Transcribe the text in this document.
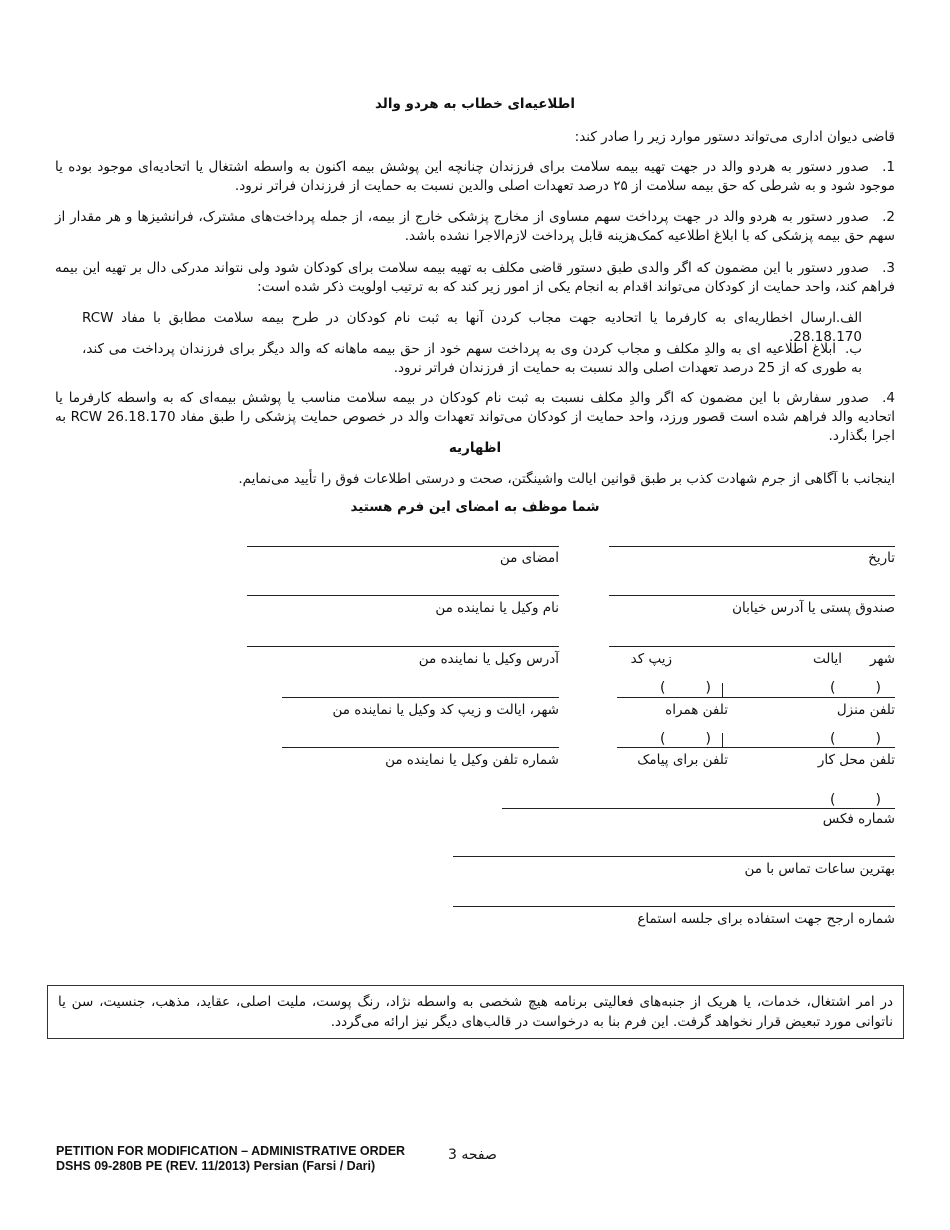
اطلاعیه‌ای خطاب به هردو والد
قاضی دیوان اداری می‌تواند دستور موارد زیر را صادر کند:
1.صدور دستور به هردو والد در جهت تهیه بیمه سلامت برای فرزندان چنانچه این پوشش بیمه اکنون به واسطه اشتغال یا اتحادیه‌ای موجود بوده یا موجود شود و به شرطی که حق بیمه سلامت از ۲۵ درصد تعهدات اصلی والدین نسبت به حمایت از فرزندان فراتر نرود.
2.صدور دستور به هردو والد در جهت پرداخت سهم مساوی از مخارج پزشکی خارج از بیمه، از جمله پرداخت‌های مشترک، فرانشیزها و هر مقدار از سهم حق بیمه پزشکی که با ابلاغ اطلاعیه کمک‌هزینه قابل پرداخت لازم‌الاجرا نشده باشد.
3.صدور دستور با این مضمون که اگر والدی طبق دستور قاضی مکلف به تهیه بیمه سلامت برای کودکان شود ولی نتواند مدرکی دال بر تهیه این بیمه فراهم کند، واحد حمایت از کودکان می‌تواند اقدام به انجام یکی از امور زیر کند که به ترتیب اولویت ذکر شده است:
الف.ارسال اخطاریه‌ای به کارفرما یا اتحادیه جهت مجاب کردن آنها به ثبت نام کودکان در طرح بیمه سلامت مطابق با مفاد RCW 28.18.170.
ب.ابلاغ اطلاعیه ای به والدِ مکلف و مجاب کردن وی به پرداخت سهم خود از حق بیمه ماهانه که والد دیگر برای فرزندان پرداخت می کند، به طوری که از 25 درصد تعهدات اصلی والد نسبت به حمایت از فرزندان فراتر نرود.
4.صدور سفارش با این مضمون که اگر والدِ مکلف نسبت به ثبت نام کودکان در بیمه سلامت مناسب یا پوشش بیمه‌ای که به واسطه کارفرما یا اتحادیه والد فراهم شده است قصور ورزد، واحد حمایت از کودکان می‌تواند تعهدات والد در خصوص حمایت پزشکی را طبق مفاد RCW 26.18.170 به اجرا بگذارد.
اظهاریه
اینجانب با آگاهی از جرم شهادت کذب بر طبق قوانین ایالت واشینگتن، صحت و درستی اطلاعات فوق را تأیید می‌نمایم.
شما موظف به امضای این فرم هستید
تاریخ
امضای من
صندوق پستی یا آدرس خیابان
نام وکیل یا نماینده من
شهر
ایالت
زیپ کد
آدرس وکیل یا نماینده من
(         )
تلفن منزل
(         )
تلفن همراه
شهر، ایالت و زیپ کد وکیل یا نماینده من
(         )
تلفن محل کار
(         )
تلفن برای پیامک
شماره تلفن وکیل یا نماینده من
(         )
شماره فکس
بهترین ساعات تماس با من
شماره ارجح جهت استفاده برای جلسه استماع
در امر اشتغال، خدمات، یا هریک از جنبه‌های فعالیتی برنامه هیچ شخصی به واسطه نژاد، رنگ پوست، ملیت اصلی، عقاید، مذهب، جنسیت، سن یا ناتوانی مورد تبعیض قرار نخواهد گرفت. این فرم بنا به درخواست در قالب‌های دیگر نیز ارائه می‌گردد.
PETITION FOR MODIFICATION – ADMINISTRATIVE ORDER
DSHS 09-280B PE (REV. 11/2013) Persian (Farsi / Dari)
صفحه 3
